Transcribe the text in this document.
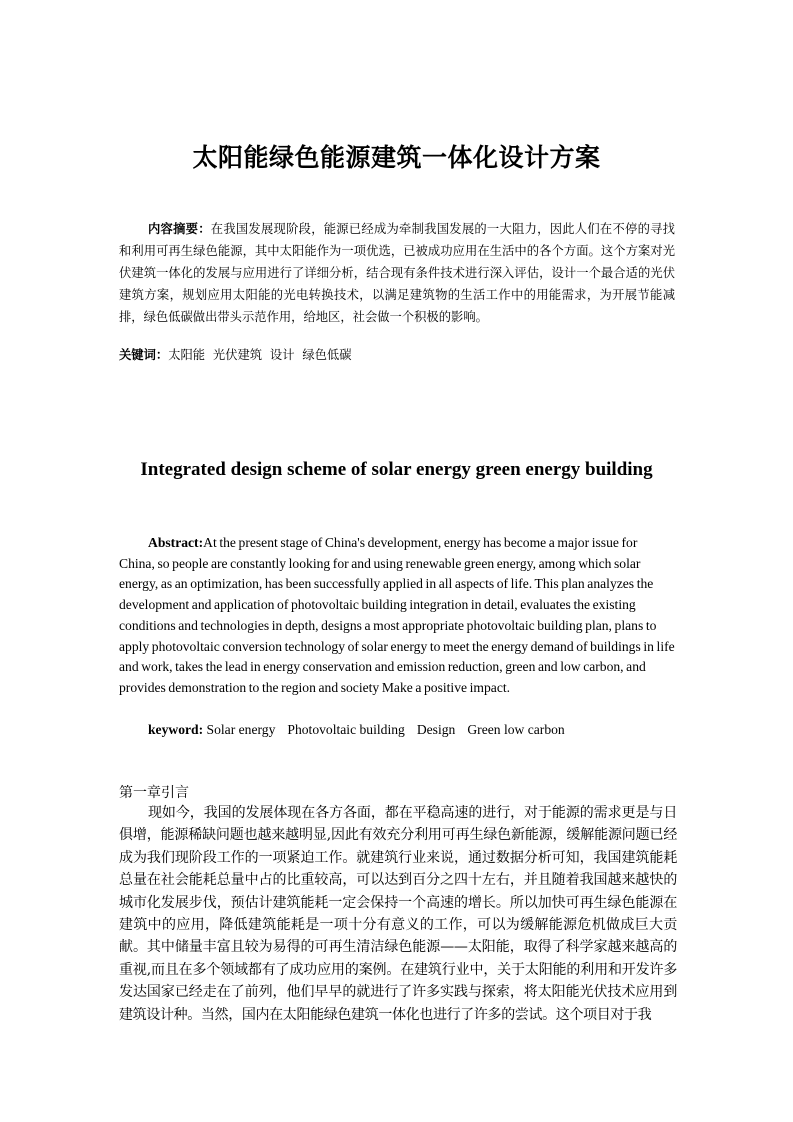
太阳能绿色能源建筑一体化设计方案

内容摘要：在我国发展现阶段，能源已经成为牵制我国发展的一大阻力，因此人们在不停的寻找和利用可再生绿色能源，其中太阳能作为一项优选，已被成功应用在生活中的各个方面。这个方案对光伏建筑一体化的发展与应用进行了详细分析，结合现有条件技术进行深入评估，设计一个最合适的光伏建筑方案，规划应用太阳能的光电转换技术，以满足建筑物的生活工作中的用能需求，为开展节能减排，绿色低碳做出带头示范作用，给地区，社会做一个积极的影响。

关键词：太阳能  光伏建筑  设计  绿色低碳

Integrated design scheme of solar energy green energy building

Abstract:At the present stage of China's development, energy has become a major issue for China, so people are constantly looking for and using renewable green energy, among which solar energy, as an optimization, has been successfully applied in all aspects of life. This plan analyzes the development and application of photovoltaic building integration in detail, evaluates the existing conditions and technologies in depth, designs a most appropriate photovoltaic building plan, plans to apply photovoltaic conversion technology of solar energy to meet the energy demand of buildings in life and work, takes the lead in energy conservation and emission reduction, green and low carbon, and provides demonstration to the region and society Make a positive impact.

keyword: Solar energy Photovoltaic building Design Green low carbon

第一章引言

现如今，我国的发展体现在各方各面，都在平稳高速的进行，对于能源的需求更是与日俱增，能源稀缺问题也越来越明显,因此有效充分利用可再生绿色新能源，缓解能源问题已经成为我们现阶段工作的一项紧迫工作。就建筑行业来说，通过数据分析可知，我国建筑能耗总量在社会能耗总量中占的比重较高，可以达到百分之四十左右，并且随着我国越来越快的城市化发展步伐，预估计建筑能耗一定会保持一个高速的增长。所以加快可再生绿色能源在建筑中的应用，降低建筑能耗是一项十分有意义的工作，可以为缓解能源危机做成巨大贡献。其中储量丰富且较为易得的可再生清洁绿色能源——太阳能，取得了科学家越来越高的重视,而且在多个领域都有了成功应用的案例。在建筑行业中，关于太阳能的利用和开发许多发达国家已经走在了前列，他们早早的就进行了许多实践与探索，将太阳能光伏技术应用到建筑设计种。当然，国内在太阳能绿色建筑一体化也进行了许多的尝试。这个项目对于我
